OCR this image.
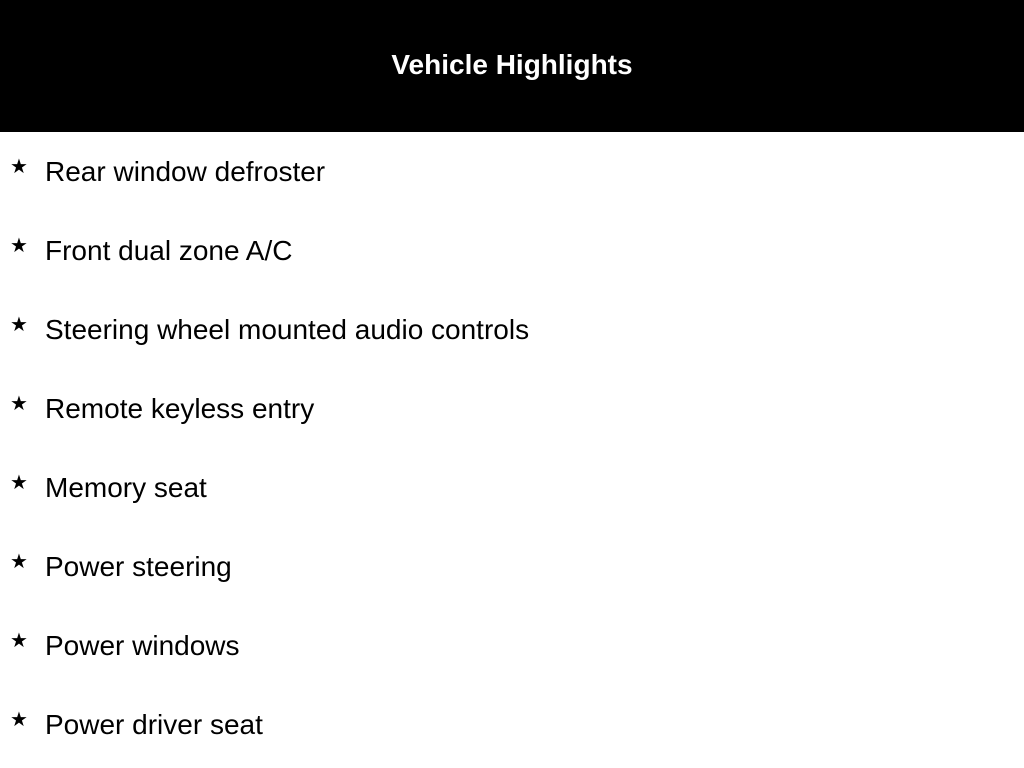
Vehicle Highlights
★ Rear window defroster
★ Front dual zone A/C
★ Steering wheel mounted audio controls
★ Remote keyless entry
★ Memory seat
★ Power steering
★ Power windows
★ Power driver seat
